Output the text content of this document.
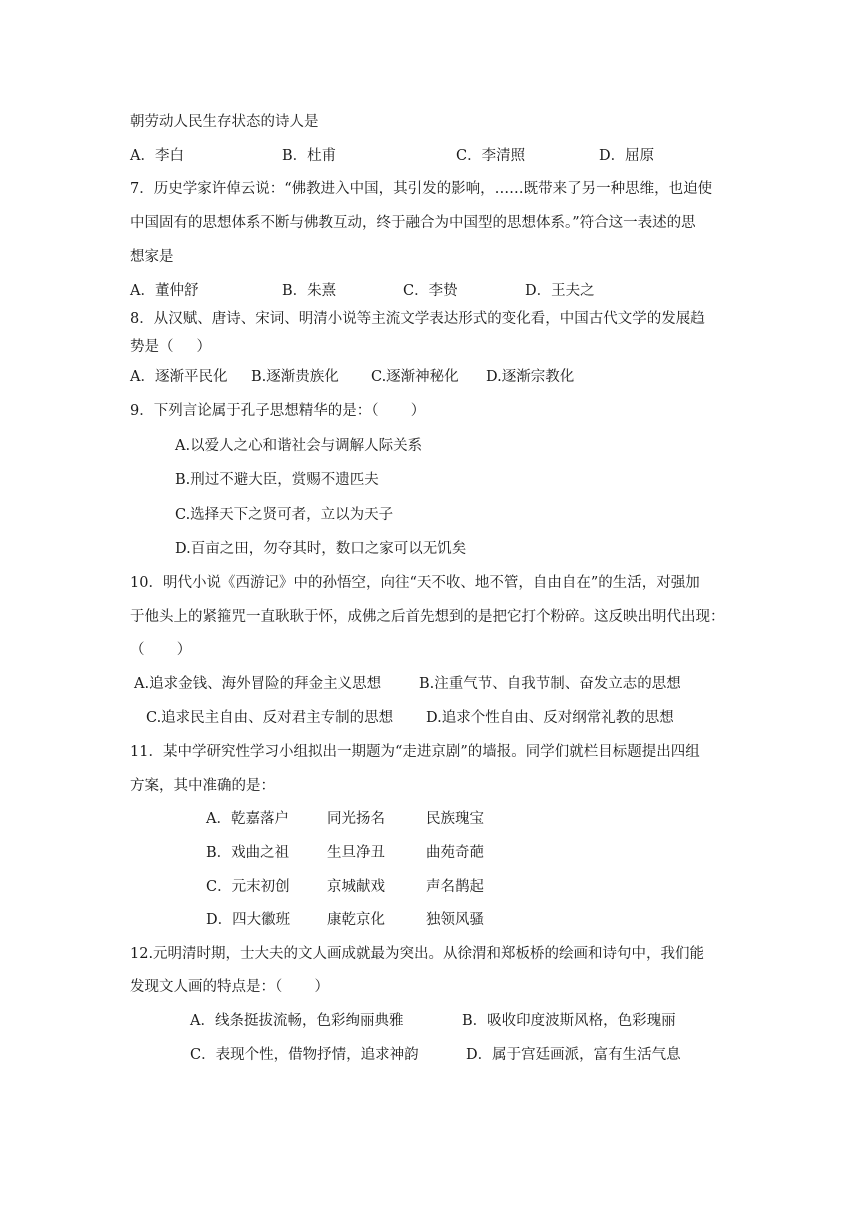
朝劳动人民生存状态的诗人是
A．李白	B．杜甫	C．李清照	D．屈原
7．历史学家许倬云说：“佛教进入中国，其引发的影响，……既带来了另一种思维，也迫使
中国固有的思想体系不断与佛教互动，终于融合为中国型的思想体系。”符合这一表述的思
想家是
A．董仲舒	B．朱熹	C．李贽	D．王夫之
8．从汉赋、唐诗、宋词、明清小说等主流文学表达形式的变化看，中国古代文学的发展趋
势是（     ）
A．逐渐平民化 B.逐渐贵族化 C.逐渐神秘化 D.逐渐宗教化
9．下列言论属于孔子思想精华的是：（       ）
A.以爱人之心和谐社会与调解人际关系
B.刑过不避大臣，赏赐不遗匹夫
C.选择天下之贤可者，立以为天子
D.百亩之田，勿夺其时，数口之家可以无饥矣
10．明代小说《西游记》中的孙悟空，向往“天不收、地不管，自由自在”的生活，对强加
于他头上的紧箍咒一直耿耿于怀，成佛之后首先想到的是把它打个粉碎。这反映出明代出现：
（       ）
A.追求金钱、海外冒险的拜金主义思想	B.注重气节、自我节制、奋发立志的思想
C.追求民主自由、反对君主专制的思想 D.追求个性自由、反对纲常礼教的思想
11．某中学研究性学习小组拟出一期题为“走进京剧”的墙报。同学们就栏目标题提出四组
方案，其中准确的是：
A．乾嘉落户	同光扬名	民族瑰宝
B．戏曲之祖	生旦净丑	曲苑奇葩
C．元末初创	京城献戏	声名鹊起
D．四大徽班	康乾京化	独领风骚
12.元明清时期，士大夫的文人画成就最为突出。从徐渭和郑板桥的绘画和诗句中，我们能
发现文人画的特点是：（       ）
A．线条挺拔流畅，色彩绚丽典雅	B．吸收印度波斯风格，色彩瑰丽
C．表现个性，借物抒情，追求神韵	D．属于宫廷画派，富有生活气息
